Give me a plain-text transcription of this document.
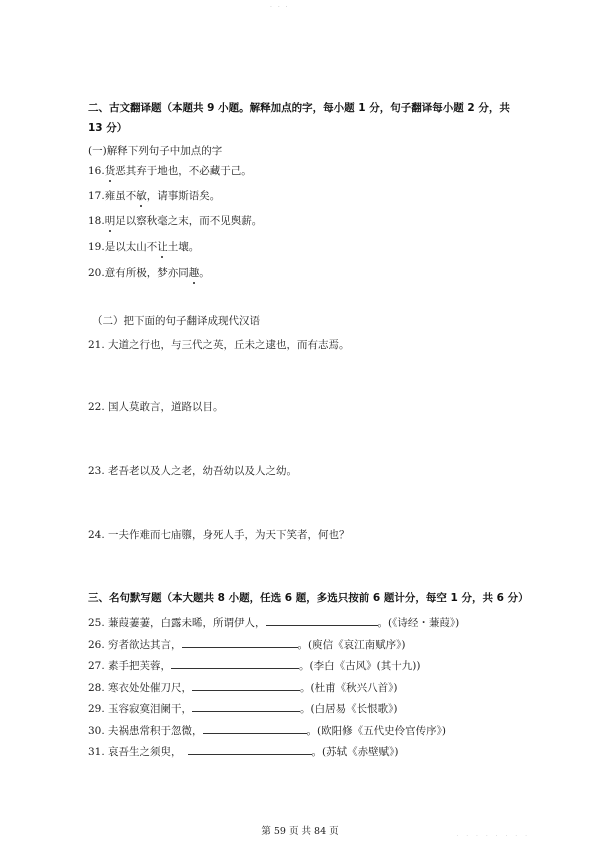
· · ·
二、古文翻译题（本题共 9 小题。解释加点的字，每小题 1 分，句子翻译每小题 2 分，共
13 分）
(一)解释下列句子中加点的字
16.货恶其弃于地也，不必藏于己。
17.雍虽不敏，请事斯语矣。
18.明足以察秋毫之末，而不见舆薪。
19.是以太山不让土壤。
20.意有所极，梦亦同趣。
（二）把下面的句子翻译成现代汉语
21. 大道之行也，与三代之英，丘未之逮也，而有志焉。
22. 国人莫敢言，道路以目。
23. 老吾老以及人之老，幼吾幼以及人之幼。
24. 一夫作难而七庙隳，身死人手，为天下笑者，何也？
三、名句默写题（本大题共 8 小题，任选 6 题，多选只按前 6 题计分，每空 1 分，共 6 分）
25. 蒹葭萋萋，白露未晞，所谓伊人，	。(《诗经・蒹葭》)
26. 穷者欲达其言，	。(庾信《哀江南赋序》)
27. 素手把芙蓉，	。(李白《古风》(其十九))
28. 寒衣处处催刀尺，	。(杜甫《秋兴八首》)
29. 玉容寂寞泪阑干，	。(白居易《长恨歌》)
30. 夫祸患常积于忽微，	。(欧阳修《五代史伶官传序》)
31. 哀吾生之须臾，	。(苏轼《赤壁赋》)
第 59 页 共 84 页	· · · · · · · ·
